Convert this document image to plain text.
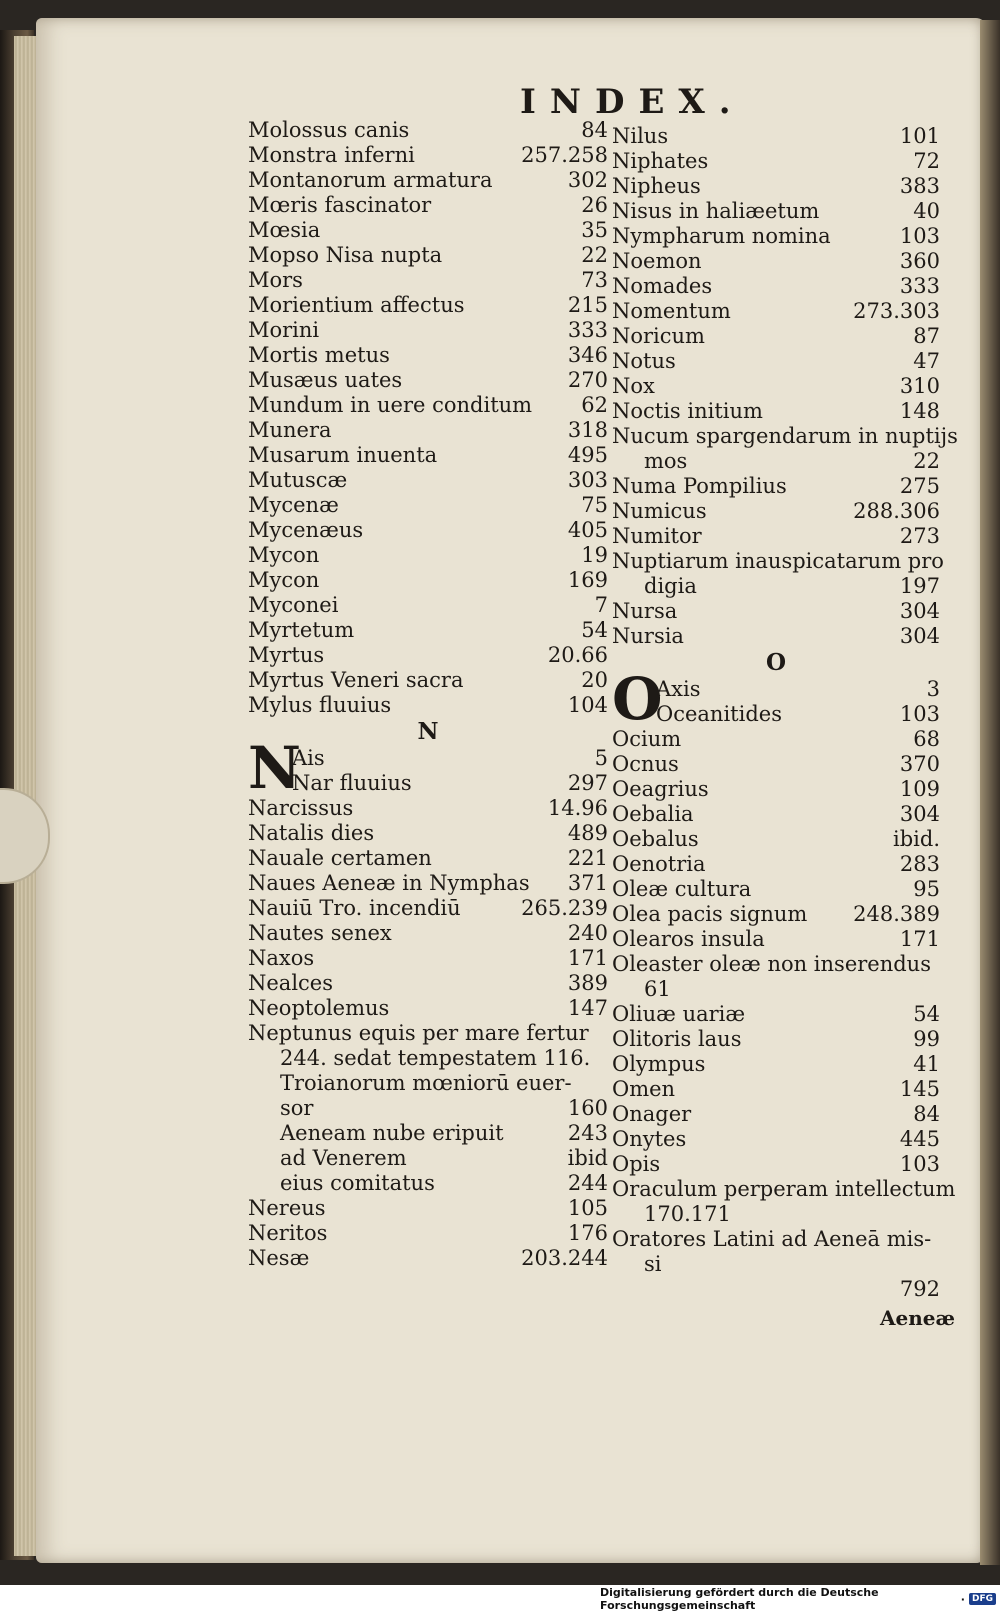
INDEX.
Molossus canis	84
Monstra inferni	257.258
Montanorum armatura	302
Mœris fascinator	26
Mœsia	35
Mopso Nisa nupta	22
Mors	73
Morientium affectus	215
Morini	333
Mortis metus	346
Musæus uates	270
Mundum in uere conditum 62
Munera	318
Musarum inuenta	495
Mutuscæ	303
Mycenæ	75
Mycenæus	405
Mycon	19
Mycon	169
Myconei	7
Myrtetum	54
Myrtus	20.66
Myrtus Veneri sacra	20
Mylus fluuius	104
N
N
Ais	5
Nar fluuius	297
Narcissus	14.96
Natalis dies	489
Nauale certamen	221
Naues Aeneæ in Nymphas 371
Nauiū Tro. incendiū	265.239
Nautes senex	240
Naxos	171
Nealces	389
Neoptolemus	147
Neptunus equis per mare fertur
244. sedat tempestatem 116.
Troianorum mœniorū euer-
sor	160
Aeneam nube eripuit	243
ad Venerem	ibid
eius comitatus	244
Nereus	105
Neritos	176
Nesæ	203.244
Nilus	101
Niphates	72
Nipheus	383
Nisus in haliæetum	40
Nympharum nomina	103
Noemon	360
Nomades	333
Nomentum	273.303
Noricum	87
Notus	47
Nox	310
Noctis initium	148
Nucum spargendarum in nuptijs
mos	22
Numa Pompilius	275
Numicus	288.306
Numitor	273
Nuptiarum inauspicatarum pro
digia	197
Nursa	304
Nursia	304
O
O
Axis	3
Oceanitides	103
Ocium	68
Ocnus	370
Oeagrius	109
Oebalia	304
Oebalus	ibid.
Oenotria	283
Oleæ cultura	95
Olea pacis signum 248.389
Olearos insula	171
Oleaster oleæ non inserendus
61
Oliuæ uariæ	54
Olitoris laus	99
Olympus	41
Omen	145
Onager	84
Onytes	445
Opis	103
Oraculum perperam intellectum
170.171
Oratores Latini ad Aeneā mis-
si
792
Aeneæ
Digitalisierung gefördert durch die Deutsche Forschungsgemeinschaft	· DFG
